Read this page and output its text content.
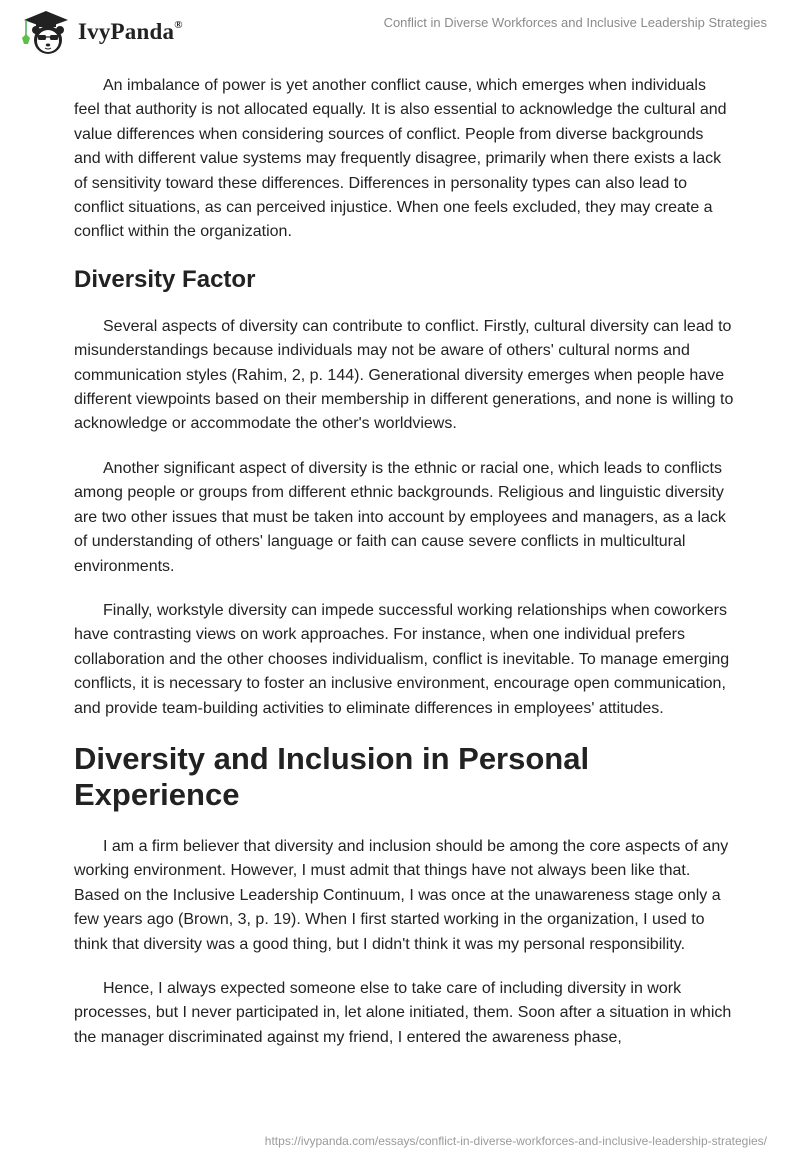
IvyPanda®	Conflict in Diverse Workforces and Inclusive Leadership Strategies

An imbalance of power is yet another conflict cause, which emerges when individuals feel that authority is not allocated equally. It is also essential to acknowledge the cultural and value differences when considering sources of conflict. People from diverse backgrounds and with different value systems may frequently disagree, primarily when there exists a lack of sensitivity toward these differences. Differences in personality types can also lead to conflict situations, as can perceived injustice. When one feels excluded, they may create a conflict within the organization.

Diversity Factor

Several aspects of diversity can contribute to conflict. Firstly, cultural diversity can lead to misunderstandings because individuals may not be aware of others' cultural norms and communication styles (Rahim, 2, p. 144). Generational diversity emerges when people have different viewpoints based on their membership in different generations, and none is willing to acknowledge or accommodate the other's worldviews.

Another significant aspect of diversity is the ethnic or racial one, which leads to conflicts among people or groups from different ethnic backgrounds. Religious and linguistic diversity are two other issues that must be taken into account by employees and managers, as a lack of understanding of others' language or faith can cause severe conflicts in multicultural environments.

Finally, workstyle diversity can impede successful working relationships when coworkers have contrasting views on work approaches. For instance, when one individual prefers collaboration and the other chooses individualism, conflict is inevitable. To manage emerging conflicts, it is necessary to foster an inclusive environment, encourage open communication, and provide team-building activities to eliminate differences in employees' attitudes.

Diversity and Inclusion in Personal Experience

I am a firm believer that diversity and inclusion should be among the core aspects of any working environment. However, I must admit that things have not always been like that. Based on the Inclusive Leadership Continuum, I was once at the unawareness stage only a few years ago (Brown, 3, p. 19). When I first started working in the organization, I used to think that diversity was a good thing, but I didn't think it was my personal responsibility.

Hence, I always expected someone else to take care of including diversity in work processes, but I never participated in, let alone initiated, them. Soon after a situation in which the manager discriminated against my friend, I entered the awareness phase,

https://ivypanda.com/essays/conflict-in-diverse-workforces-and-inclusive-leadership-strategies/
